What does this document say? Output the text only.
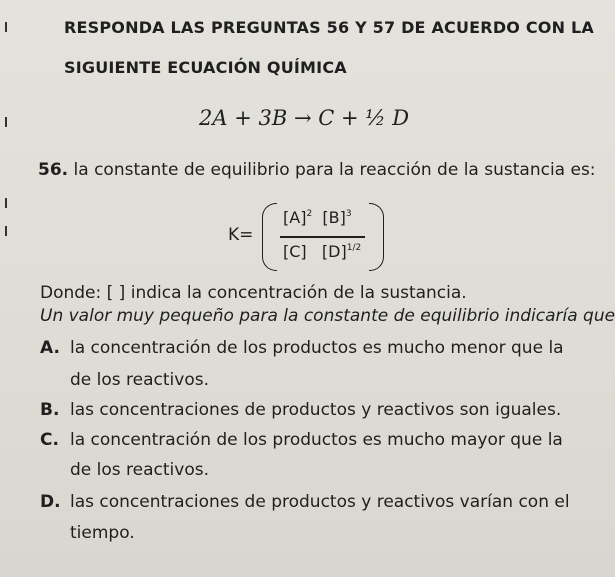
RESPONDA LAS PREGUNTAS 56 Y 57 DE ACUERDO CON LA
SIGUIENTE ECUACIÓN QUÍMICA
2A + 3B → C + ½ D
56. la constante de equilibrio para la reacción de la sustancia es:
K=
$[A]^2$ $[B]^3$
[C] $[D]^{1/2}$
Donde: [ ] indica la concentración de la sustancia.
Un valor muy pequeño para la constante de equilibrio indicaría que
A. la concentración de los productos es mucho menor que la
de los reactivos.
B. las concentraciones de productos y reactivos son iguales.
C. la concentración de los productos es mucho mayor que la
de los reactivos.
D. las concentraciones de productos y reactivos varían con el
tiempo.
